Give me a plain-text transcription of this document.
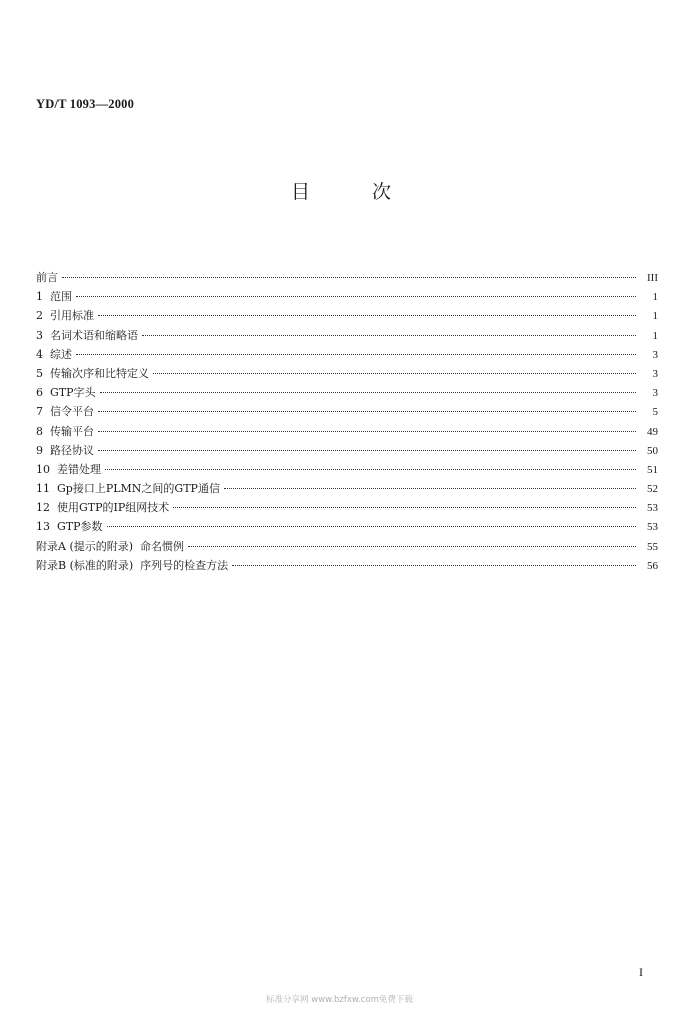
YD/T 1093—2000
目	次
前言	III
1  范围	1
2  引用标准	1
3  名词术语和缩略语	1
4  综述	3
5  传输次序和比特定义	3
6  GTP字头	3
7  信令平台	5
8  传输平台	49
9  路径协议	50
10  差错处理	51
11  Gp接口上PLMN之间的GTP通信	52
12  使用GTP的IP组网技术	53
13  GTP参数	53
附录A (提示的附录)  命名惯例	55
附录B (标准的附录)  序列号的检查方法	56
I
标准分享网 www.bzfxw.com免费下载
